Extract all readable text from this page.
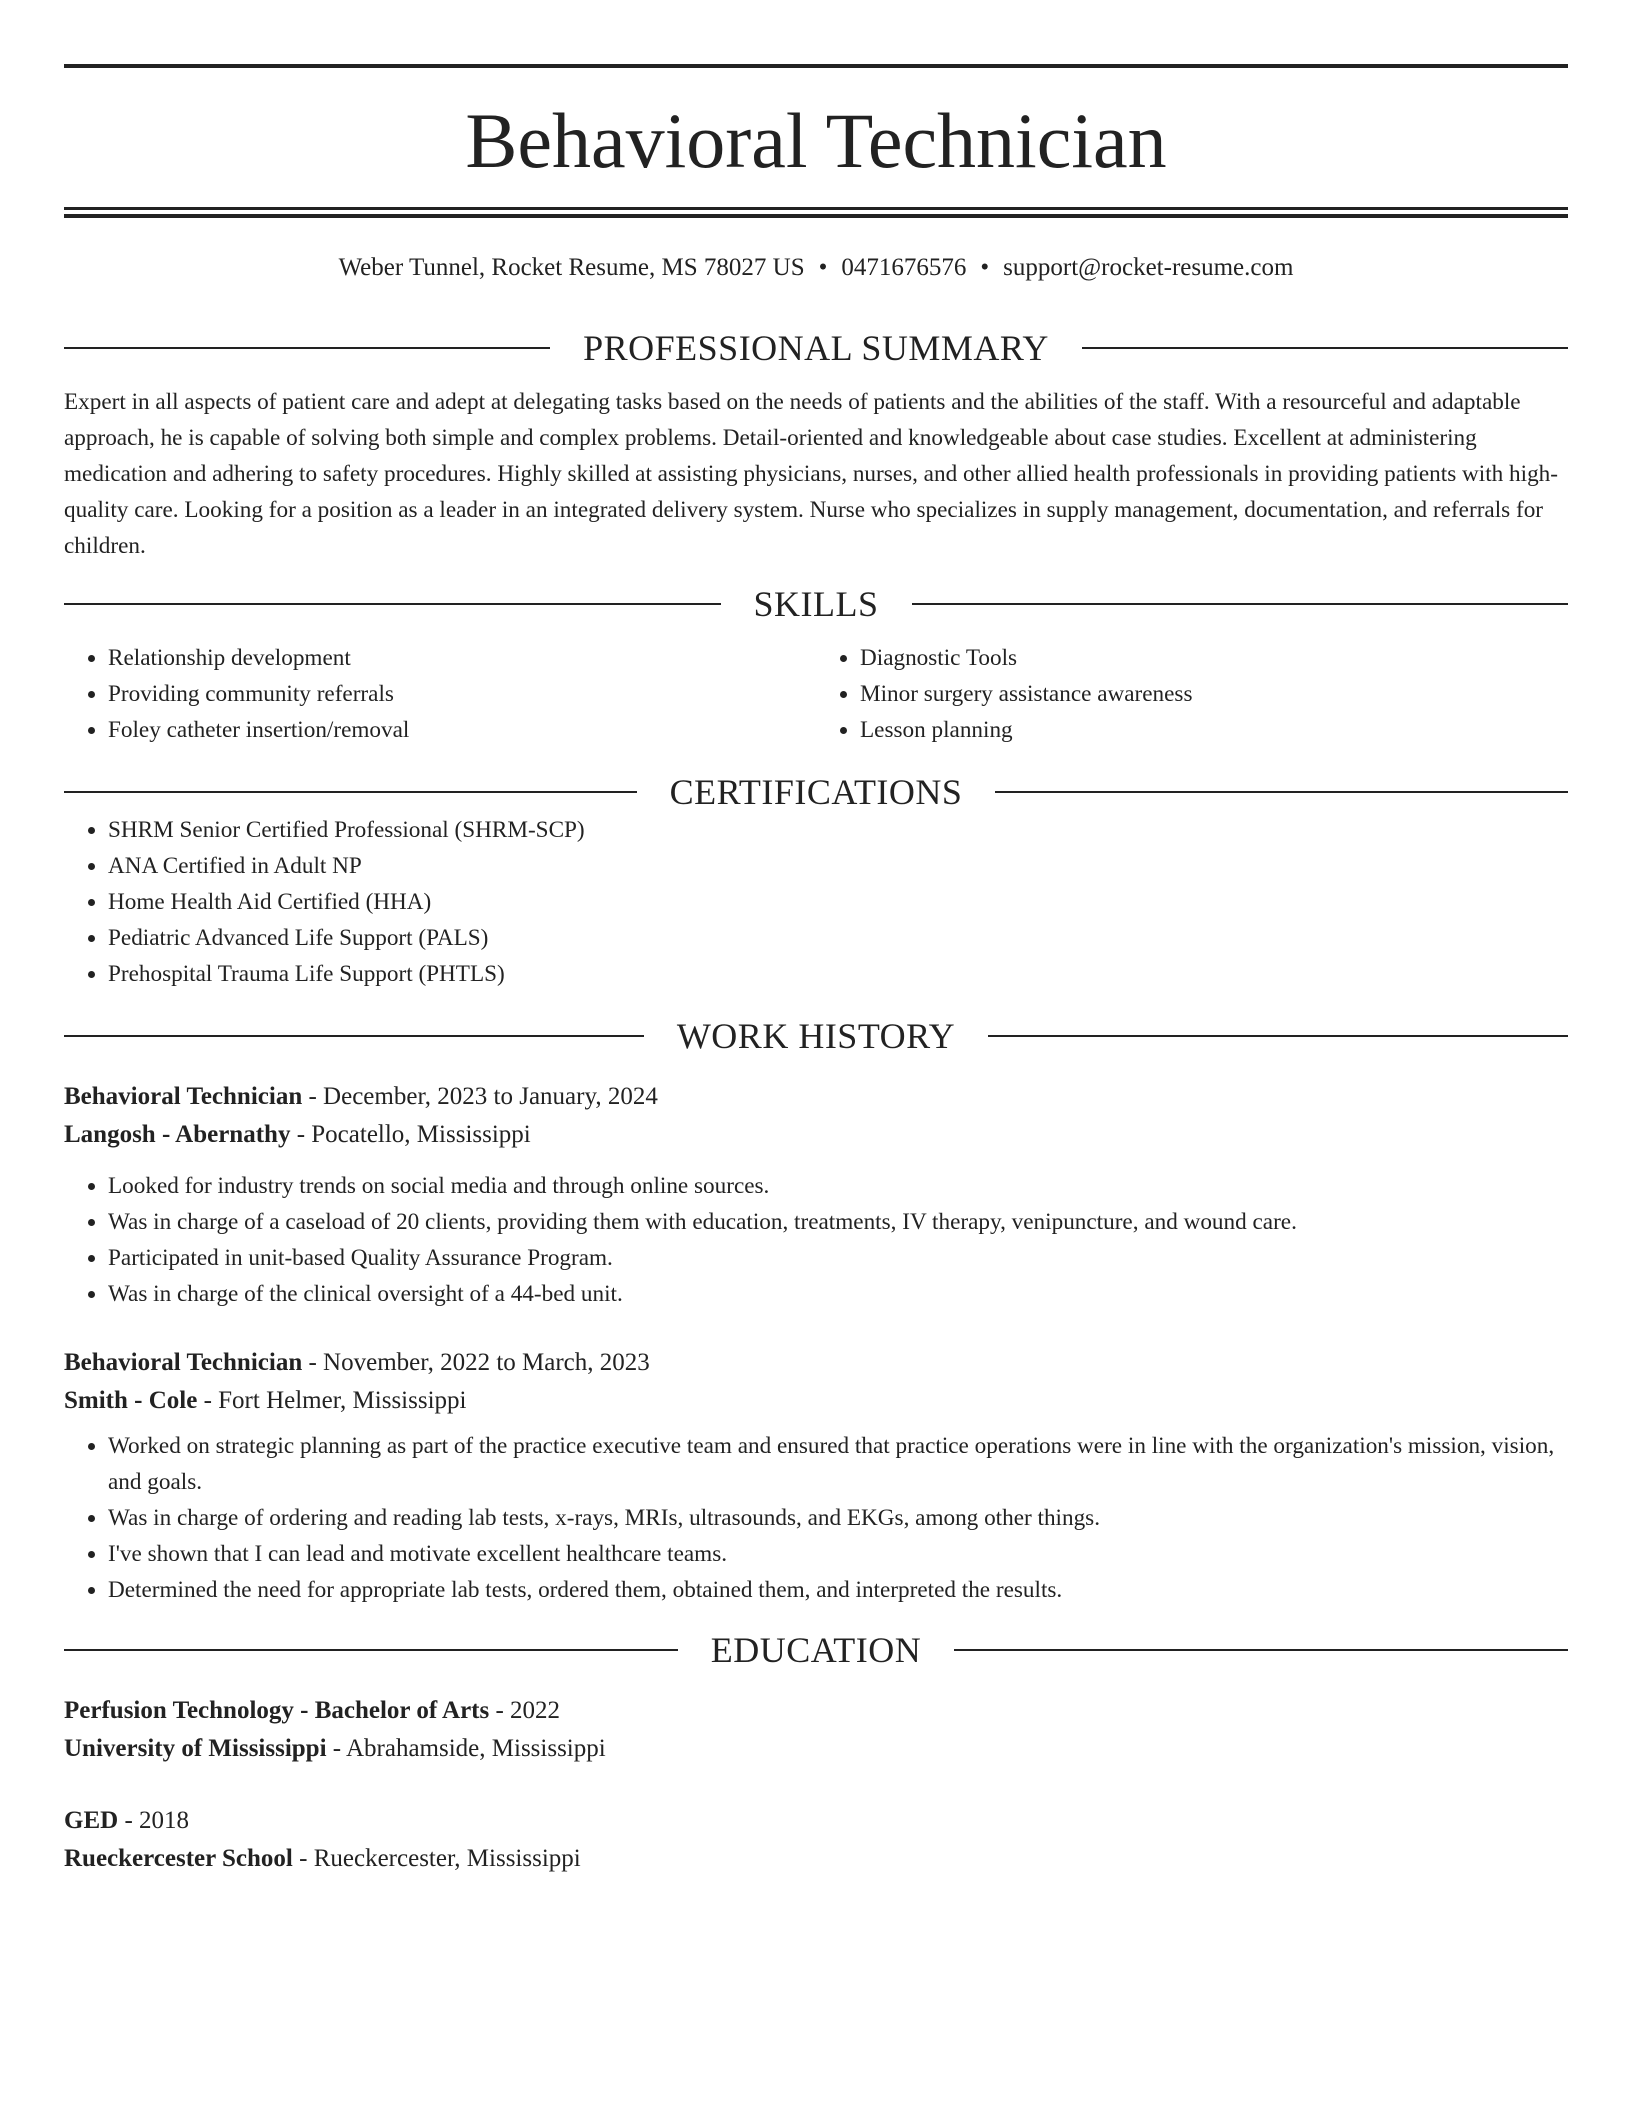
Behavioral Technician
Weber Tunnel, Rocket Resume, MS 78027 US • 0471676576 • support@rocket-resume.com
PROFESSIONAL SUMMARY
Expert in all aspects of patient care and adept at delegating tasks based on the needs of patients and the abilities of the staff. With a resourceful and adaptable approach, he is capable of solving both simple and complex problems. Detail-oriented and knowledgeable about case studies. Excellent at administering medication and adhering to safety procedures. Highly skilled at assisting physicians, nurses, and other allied health professionals in providing patients with high-quality care. Looking for a position as a leader in an integrated delivery system. Nurse who specializes in supply management, documentation, and referrals for children.
SKILLS
• Relationship development
• Providing community referrals
• Foley catheter insertion/removal
• Diagnostic Tools
• Minor surgery assistance awareness
• Lesson planning
CERTIFICATIONS
• SHRM Senior Certified Professional (SHRM-SCP)
• ANA Certified in Adult NP
• Home Health Aid Certified (HHA)
• Pediatric Advanced Life Support (PALS)
• Prehospital Trauma Life Support (PHTLS)
WORK HISTORY
Behavioral Technician - December, 2023 to January, 2024
Langosh - Abernathy - Pocatello, Mississippi
• Looked for industry trends on social media and through online sources.
• Was in charge of a caseload of 20 clients, providing them with education, treatments, IV therapy, venipuncture, and wound care.
• Participated in unit-based Quality Assurance Program.
• Was in charge of the clinical oversight of a 44-bed unit.
Behavioral Technician - November, 2022 to March, 2023
Smith - Cole - Fort Helmer, Mississippi
• Worked on strategic planning as part of the practice executive team and ensured that practice operations were in line with the organization's mission, vision, and goals.
• Was in charge of ordering and reading lab tests, x-rays, MRIs, ultrasounds, and EKGs, among other things.
• I've shown that I can lead and motivate excellent healthcare teams.
• Determined the need for appropriate lab tests, ordered them, obtained them, and interpreted the results.
EDUCATION
Perfusion Technology - Bachelor of Arts - 2022
University of Mississippi - Abrahamside, Mississippi
GED - 2018
Rueckercester School - Rueckercester, Mississippi
